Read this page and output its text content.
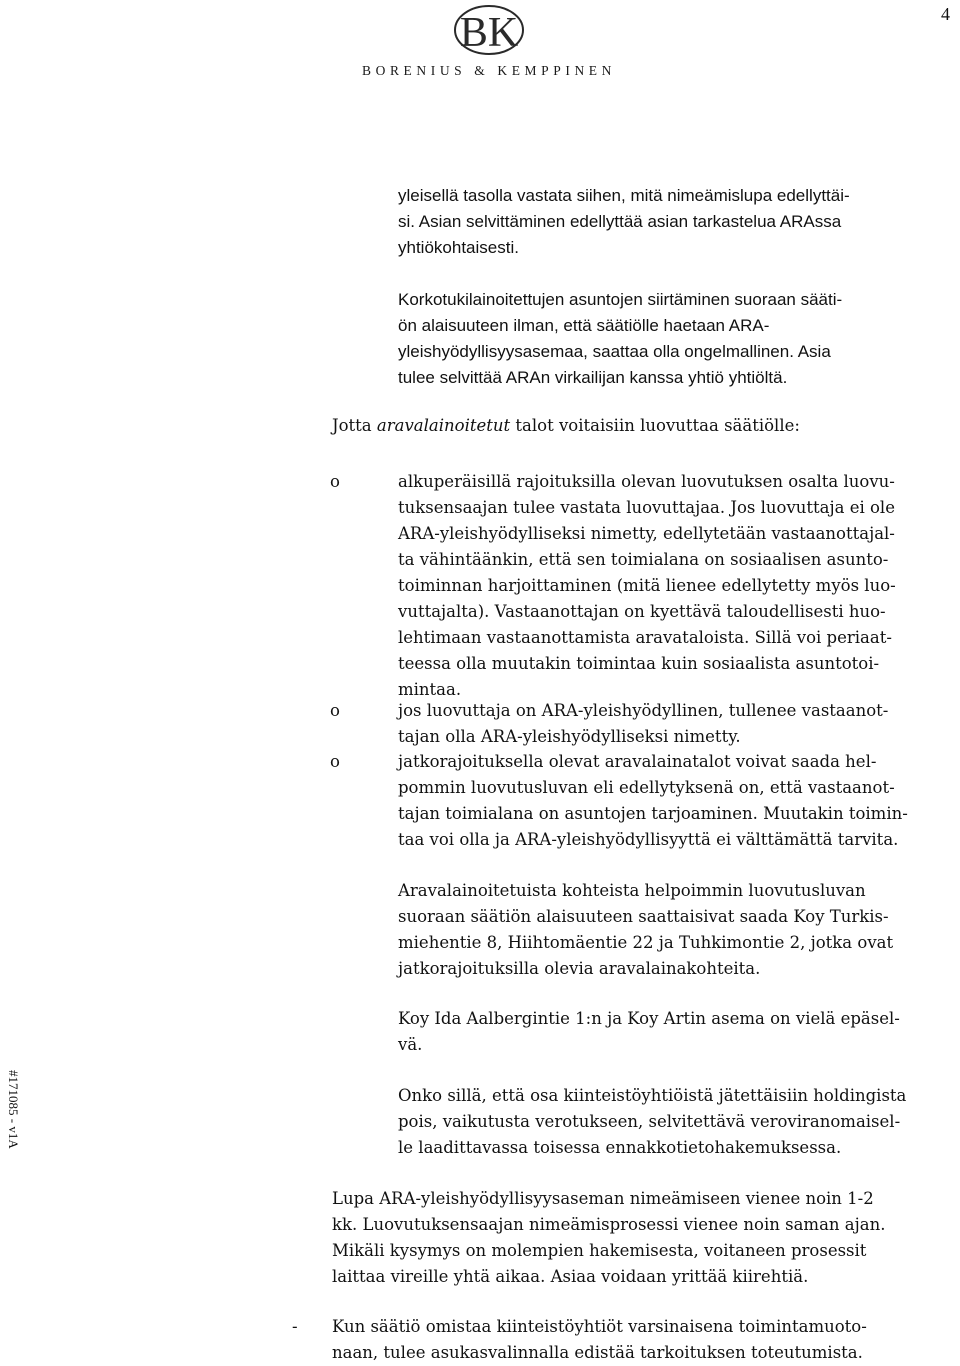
4
BK
BORENIUS & KEMPPINEN
#171085 - v1A
yleisellä tasolla vastata siihen, mitä nimeämislupa edellyttäi-
si. Asian selvittäminen edellyttää asian tarkastelua ARAssa
yhtiökohtaisesti.
Korkotukilainoitettujen asuntojen siirtäminen suoraan sääti-
ön alaisuuteen ilman, että säätiölle haetaan ARA-
yleishyödyllisyysasemaa, saattaa olla ongelmallinen. Asia
tulee selvittää ARAn virkailijan kanssa yhtiö yhtiöltä.
Jotta aravalainoitetut talot voitaisiin luovuttaa säätiölle:
o	alkuperäisillä rajoituksilla olevan luovutuksen osalta luovu-
tuksensaajan tulee vastata luovuttajaa. Jos luovuttaja ei ole
ARA-yleishyödylliseksi nimetty, edellytetään vastaanottajal-
ta vähintäänkin, että sen toimialana on sosiaalisen asunto-
toiminnan harjoittaminen (mitä lienee edellytetty myös luo-
vuttajalta). Vastaanottajan on kyettävä taloudellisesti huo-
lehtimaan vastaanottamista aravataloista. Sillä voi periaat-
teessa olla muutakin toimintaa kuin sosiaalista asuntotoi-
mintaa.
o	jos luovuttaja on ARA-yleishyödyllinen, tullenee vastaanot-
tajan olla ARA-yleishyödylliseksi nimetty.
o	jatkorajoituksella olevat aravalainatalot voivat saada hel-
pommin luovutusluvan eli edellytyksenä on, että vastaanot-
tajan toimialana on asuntojen tarjoaminen. Muutakin toimin-
taa voi olla ja ARA-yleishyödyllisyyttä ei välttämättä tarvita.
Aravalainoitetuista kohteista helpoimmin luovutusluvan
suoraan säätiön alaisuuteen saattaisivat saada Koy Turkis-
miehentie 8, Hiihtomäentie 22 ja Tuhkimontie 2, jotka ovat
jatkorajoituksilla olevia aravalainakohteita.
Koy Ida Aalbergintie 1:n ja Koy Artin asema on vielä epäsel-
vä.
Onko sillä, että osa kiinteistöyhtiöistä jätettäisiin holdingista
pois, vaikutusta verotukseen, selvitettävä veroviranomaisel-
le laadittavassa toisessa ennakkotietohakemuksessa.
Lupa ARA-yleishyödyllisyysaseman nimeämiseen vienee noin 1-2
kk. Luovutuksensaajan nimeämisprosessi vienee noin saman ajan.
Mikäli kysymys on molempien hakemisesta, voitaneen prosessit
laittaa vireille yhtä aikaa. Asiaa voidaan yrittää kiirehtiä.
- Kun säätiö omistaa kiinteistöyhtiöt varsinaisena toimintamuoto-
naan, tulee asukasvalinnalla edistää tarkoituksen toteutumista.
